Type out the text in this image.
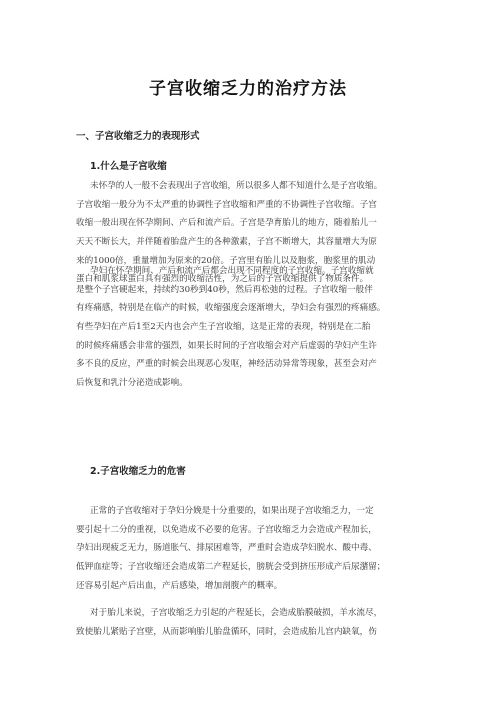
子宫收缩乏力的治疗方法
一、子宫收缩乏力的表现形式
1.什么是子宫收缩
未怀孕的人一般不会表现出子宫收缩，所以很多人都不知道什么是子宫收缩。
子宫收缩一般分为不太严重的协调性子宫收缩和严重的不协调性子宫收缩。子宫
收缩一般出现在怀孕期间、产后和流产后。子宫是孕育胎儿的地方，随着胎儿一
天天不断长大，并伴随着胎盘产生的各种激素，子宫不断增大，其容量增大为原
来的1000倍，重量增加为原来的20倍。子宫里有胎儿以及胞浆，胞浆里的肌动
蛋白和肌浆球蛋白具有强烈的收缩活性，为之后的子宫收缩提供了物质条件。
孕妇在怀孕期间、产后和流产后都会出现不同程度的子宫收缩。子宫收缩就
是整个子宫硬起来，持续约30秒到40秒，然后再松弛的过程。子宫收缩一般伴
有疼痛感，特别是在临产的时候，收缩强度会逐渐增大，孕妇会有强烈的疼痛感。
有些孕妇在产后1至2天内也会产生子宫收缩，这是正常的表现，特别是在二胎
的时候疼痛感会非常的强烈，如果长时间的子宫收缩会对产后虚弱的孕妇产生许
多不良的反应，严重的时候会出现恶心发呕，神经活动异常等现象，甚至会对产
后恢复和乳汁分泌造成影响。
2.子宫收缩乏力的危害
正常的子宫收缩对于孕妇分娩是十分重要的，如果出现子宫收缩乏力，一定
要引起十二分的重视，以免造成不必要的危害。子宫收缩乏力会造成产程加长，
孕妇出现疲乏无力，肠道胀气、排尿困难等，严重时会造成孕妇脱水、酸中毒、
低钾血症等；子宫收缩还会造成第二产程延长，膀胱会受到挤压形成产后尿潴留；
还容易引起产后出血，产后感染，增加剖腹产的概率。
对于胎儿来说，子宫收缩乏力引起的产程延长，会造成胎膜破损，羊水流尽，
致使胎儿紧贴子宫壁，从而影响胎儿胎盘循环，同时，会造成胎儿宫内缺氧，伤
